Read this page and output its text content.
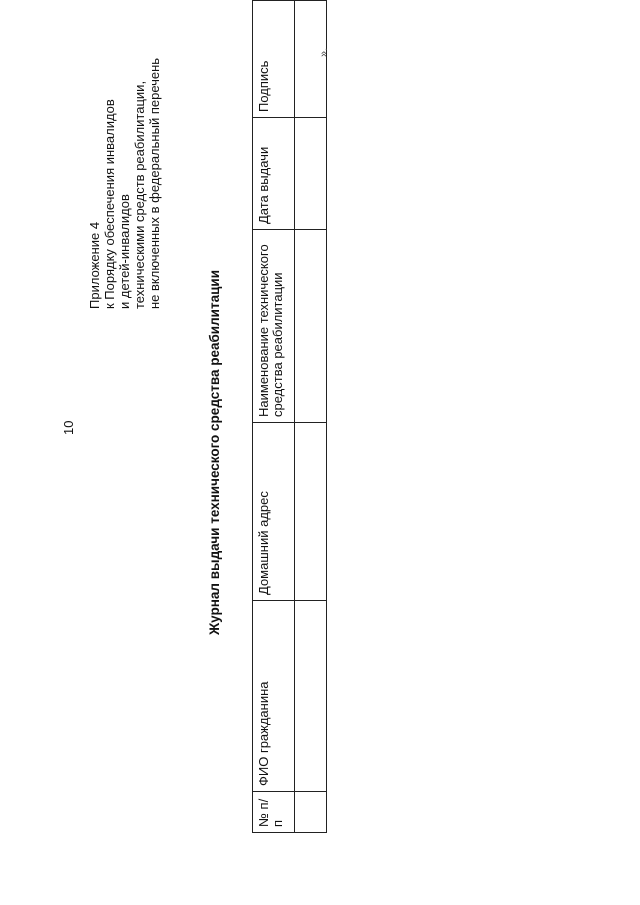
10
Приложение 4 к Порядку обеспечения инвалидов и детей-инвалидов техническими средств реабилитации, не включенных в федеральный перечень
Журнал выдачи технического средства реабилитации
№ п/п	ФИО гражданина	Домашний адрес	Наименование технического средства реабилитации	Дата выдачи	Подпись

».
